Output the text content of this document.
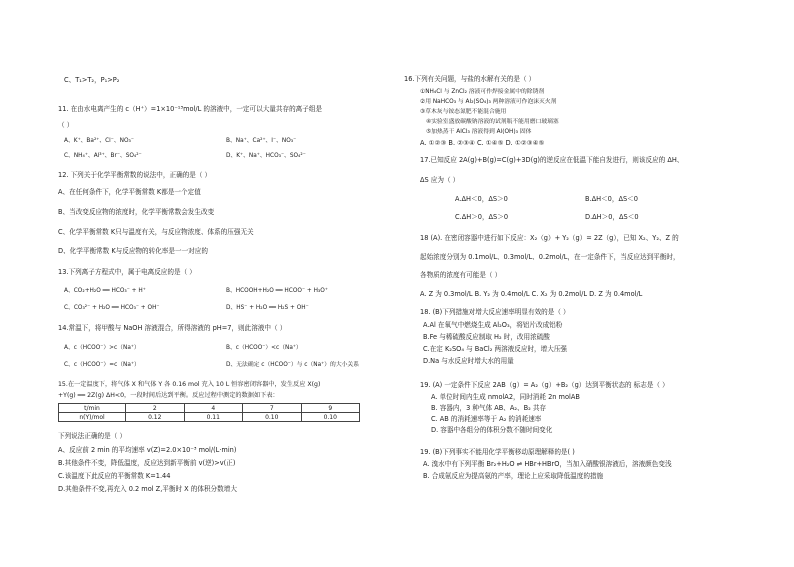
C、T₁>T₂，P₁>P₂
11. 在由水电离产生的 c（H⁺）=1×10⁻¹³mol/L 的溶液中，一定可以大量共存的离子组是
（ ）
A、K⁺、Ba²⁺、Cl⁻、NO₃⁻	B、Na⁺、Ca²⁺、I⁻、NO₃⁻
C、NH₄⁺、Al³⁺、Br⁻、SO₄²⁻	D、K⁺、Na⁺、HCO₃⁻、SO₄²⁻
12. 下列关于化学平衡常数的说法中，正确的是（ ）
A、在任何条件下，化学平衡常数 K都是一个定值
B、当改变反应物的浓度时，化学平衡常数会发生改变
C、化学平衡常数 K只与温度有关，与反应物浓度、体系的压强无关
D、化学平衡常数 K与反应物的转化率是一一对应的
13.下列离子方程式中，属于电离反应的是（ ）
A、CO₂+H₂O ══ HCO₃⁻ + H⁺	B、HCOOH+H₂O ══ HCOO⁻ + H₃O⁺
C、CO₃²⁻ + H₂O ══ HCO₃⁻ + OH⁻	D、HS⁻ + H₂O ══ H₂S + OH⁻
14.常温下，将甲酸与 NaOH 溶液混合，所得溶液的 pH=7，则此溶液中（ ）
A、c（HCOO⁻）>c（Na⁺）	B、c（HCOO⁻）<c（Na⁺）
C、c（HCOO⁻）=c（Na⁺）	D、无法确定 c（HCOO⁻）与 c（Na⁺）的大小关系
15.在一定温度下，将气体 X 和气体 Y 各 0.16 mol 充入 10 L 恒容密闭容器中，发生反应 X(g)
+Y(g) ══ 2Z(g) ΔH<0，一段时间后达到平衡。反应过程中测定的数据如下表：
t/min	2	4	7	9
n(Y)/mol	0.12	0.11	0.10	0.10
下列说法正确的是（ ）
A、反应前 2 min 的平均速率 v(Z)=2.0×10⁻³ mol/(L·min)
B.其他条件不变，降低温度，反应达到新平衡前 v(逆)>v(正)
C.该温度下此反应的平衡常数 K=1.44
D.其他条件不变,再充入 0.2 mol Z,平衡时 X 的体积分数增大
16.下列有关问题，与盐的水解有关的是（ ）
①NH₄Cl 与 ZnCl₂ 溶液可作焊接金属中的除锈剂
②用 NaHCO₃ 与 Al₂(SO₄)₃ 两种溶液可作泡沫灭火剂
③草木灰与铵态氮肥不能混合施用
④实验室盛放碳酸钠溶液的试剂瓶不能用磨口玻璃塞
⑤加热蒸干 AlCl₃ 溶液得到 Al(OH)₃ 固体
A. ①②③ B. ②③④ C. ①④⑤ D. ①②③④⑤
17.已知反应 2A(g)+B(g)=C(g)+3D(g)的逆反应在低温下能自发进行，则该反应的 ΔH、
ΔS 应为（ ）
A.ΔH＜0，ΔS＞0	B.ΔH＜0，ΔS＜0
C.ΔH＞0，ΔS＞0	D.ΔH＞0，ΔS＜0
18 (A). 在密闭容器中进行如下反应：X₂（g）+ Y₂（g）= 2Z（g），已知 X₂、Y₂、Z 的
起始浓度分别为 0.1mol/L、0.3mol/L、0.2mol/L，在一定条件下，当反应达到平衡时，
各物质的浓度有可能是（ ）
A. Z 为 0.3mol/L B. Y₂ 为 0.4mol/L C. X₂ 为 0.2mol/L D. Z 为 0.4mol/L
18. (B)下列措施对增大反应速率明显有效的是（ ）
A.Al 在氧气中燃烧生成 Al₂O₃，将铝片改成铝粉
B.Fe 与稀硫酸反应制取 H₂ 时，改用浓硫酸
C.在定 K₂SO₄ 与 BaCl₂ 两溶液反应时，增大压强
D.Na 与水反应时增大水的用量
19. (A) 一定条件下反应 2AB（g）= A₂（g）+B₂（g）达到平衡状态的 标志是（ ）
A. 单位时间内生成 nmolA2，同时消耗 2n molAB
B. 容器内，3 种气体 AB、A₂、B₂ 共存
C. AB 的消耗速率等于 A₂ 的消耗速率
D. 容器中各组分的体积分数不随时间变化
19. (B)下列事实不能用化学平衡移动原理解释的是( )
A. 溴水中有下列平衡 Br₂+H₂O ⇌ HBr+HBrO，当加入硝酸银溶液后，溶液颜色变浅
B. 合成氨反应为提高氨的产率，理论上应采取降低温度的措施
